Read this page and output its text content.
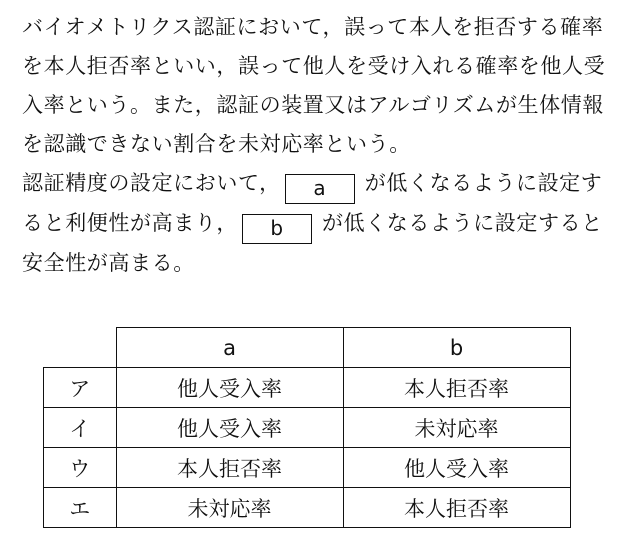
バイオメトリクス認証において，誤って本人を拒否する確率を本人拒否率といい，誤って他人を受け入れる確率を他人受入率という。また，認証の装置又はアルゴリズムが生体情報を認識できない割合を未対応率という。

認証精度の設定において， a が低くなるように設定すると利便性が高まり， b が低くなるように設定すると安全性が高まる。

	a	b
ア	他人受入率	本人拒否率
イ	他人受入率	未対応率
ウ	本人拒否率	他人受入率
エ	未対応率	本人拒否率
